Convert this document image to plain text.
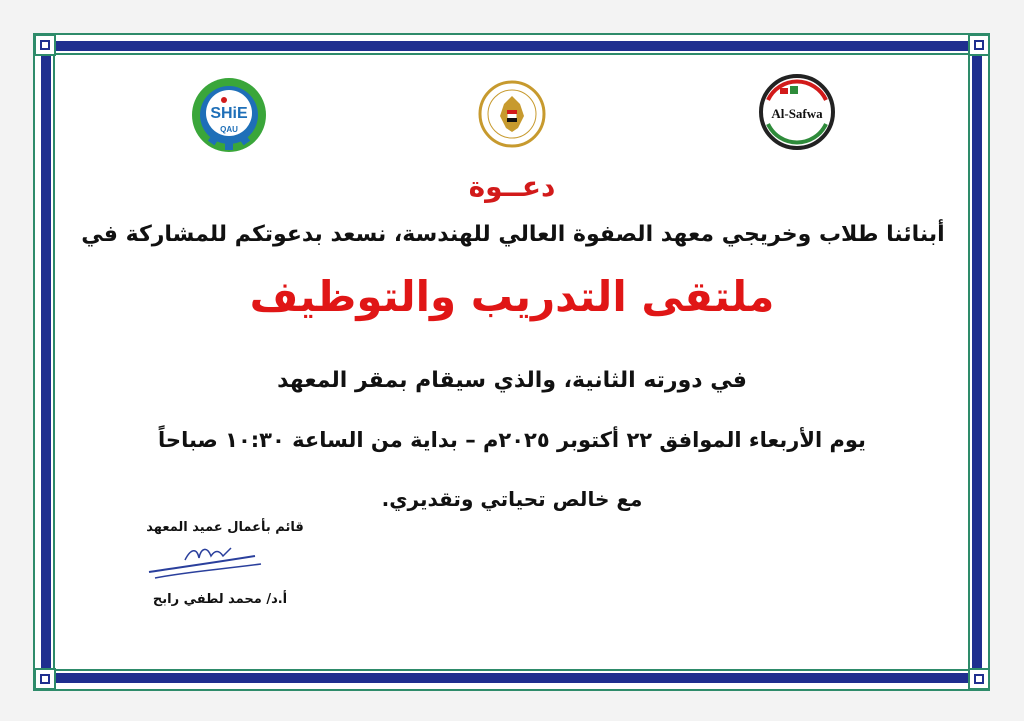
SHiE
QAU
Al-Safwa
دعــوة
أبنائنا طلاب وخريجي معهد الصفوة العالي للهندسة، نسعد بدعوتكم للمشاركة في
ملتقى التدريب والتوظيف
في دورته الثانية، والذي سيقام بمقر المعهد
يوم الأربعاء الموافق ٢٢ أكتوبر ٢٠٢٥م – بداية من الساعة ١٠:٣٠ صباحاً
مع خالص تحياتي وتقديري.
قائم بأعمال عميد المعهد
أ.د/ محمد لطفي رابح
